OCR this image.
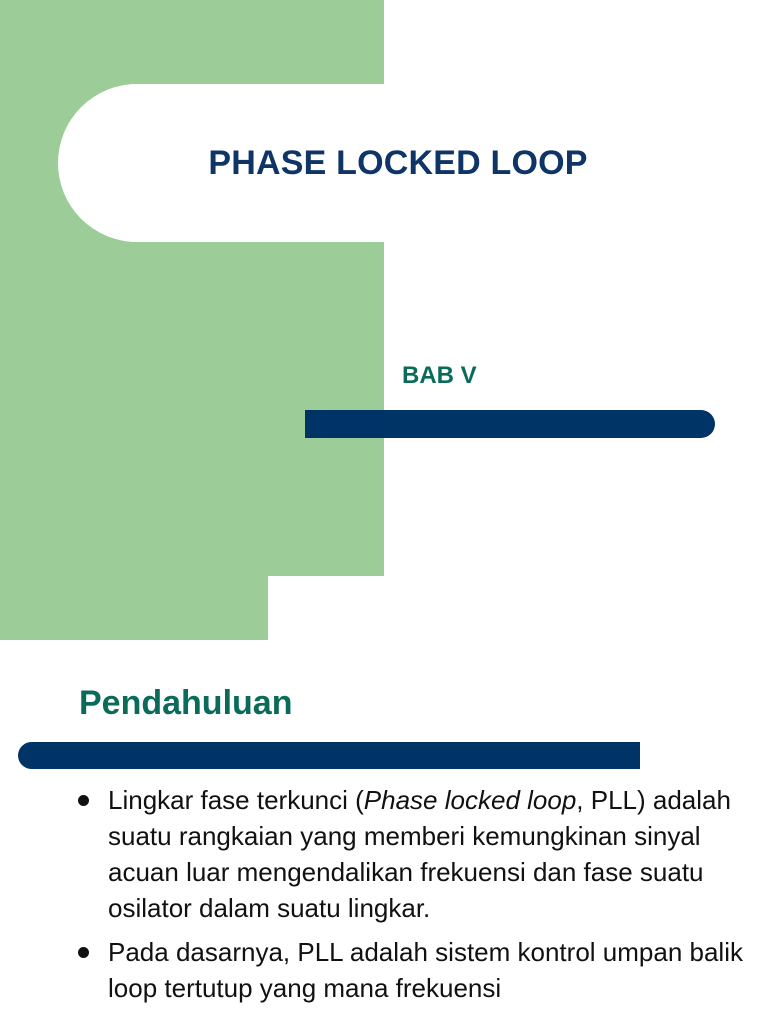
PHASE LOCKED LOOP
BAB V
Pendahuluan
Lingkar fase terkunci (Phase locked loop, PLL) adalah suatu rangkaian yang memberi kemungkinan sinyal acuan luar mengendalikan frekuensi dan fase suatu osilator dalam suatu lingkar.
Pada dasarnya, PLL adalah sistem kontrol umpan balik loop tertutup yang mana frekuensi
